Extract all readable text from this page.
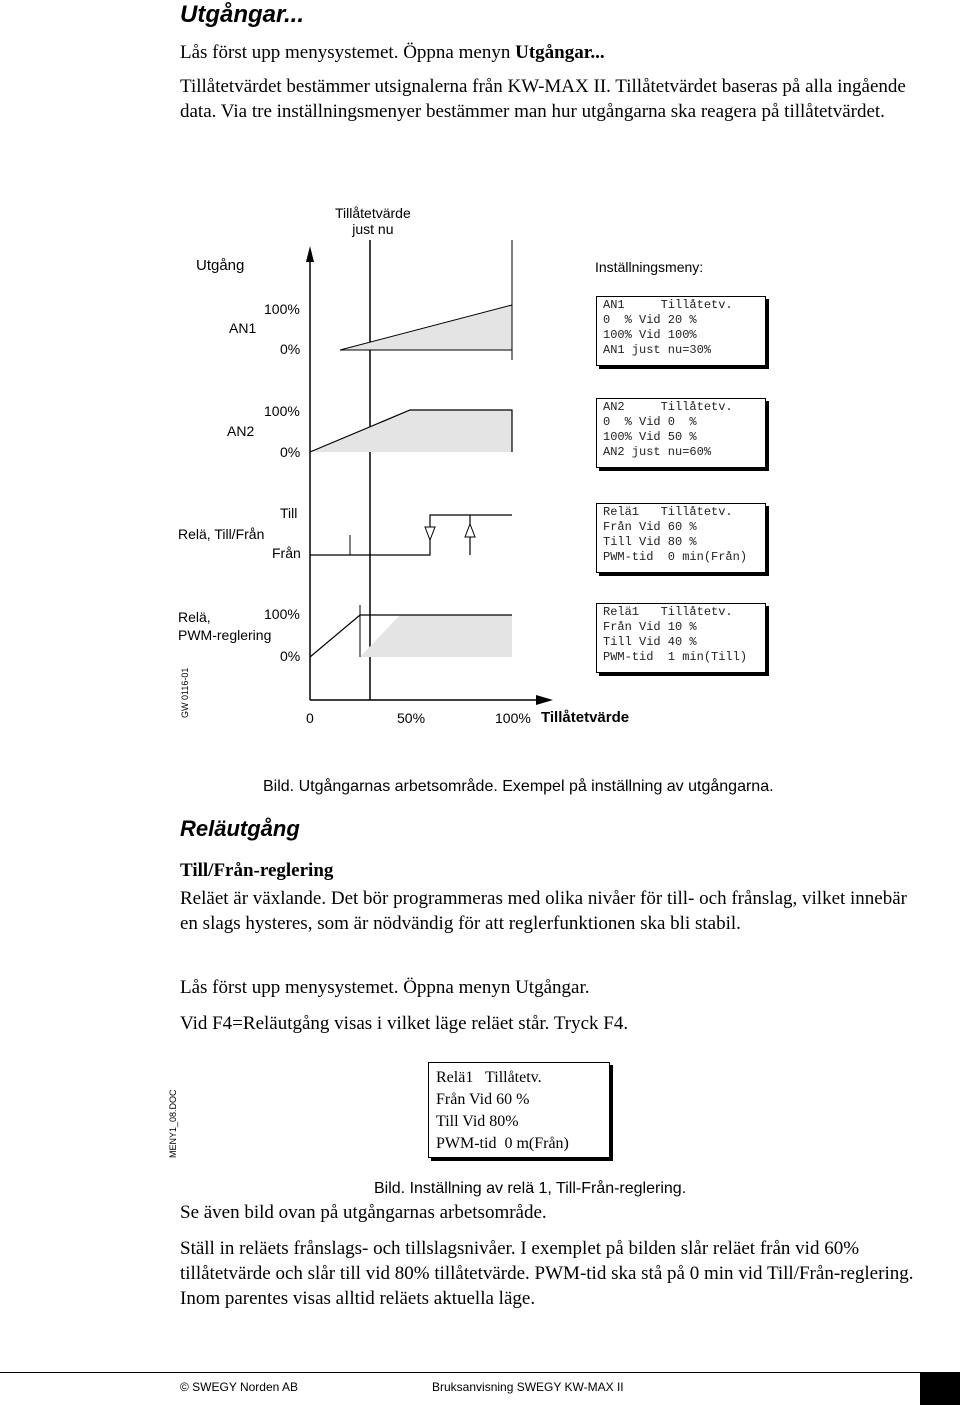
Utgångar...
Lås först upp menysystemet. Öppna menyn Utgångar...
Tillåtetvärdet bestämmer utsignalerna från KW-MAX II. Tillåtetvärdet baseras på alla ingående data. Via tre inställningsmenyer bestämmer man hur utgångarna ska reagera på tillåtetvärdet.
Tillåtetvärde
just nu
Utgång	Inställningsmeny:
AN1
100%
0%
AN1     Tillåtetv.
0  % Vid 20 %
100% Vid 100%
AN1 just nu=30%
AN2
100%
0%
AN2     Tillåtetv.
0  % Vid 0  %
100% Vid 50 %
AN2 just nu=60%
Relä, Till/Från
Till
Från
Relä1   Tillåtetv.
Från Vid 60 %
Till Vid 80 %
PWM-tid  0 min(Från)
Relä,
PWM-reglering
100%
0%
Relä1   Tillåtetv.
Från Vid 10 %
Till Vid 40 %
PWM-tid  1 min(Till)
0	50%	100% Tillåtetvärde
GW 0116-01
Bild. Utgångarnas arbetsområde. Exempel på inställning av utgångarna.
Reläutgång
Till/Från-reglering
Reläet är växlande. Det bör programmeras med olika nivåer för till- och frånslag, vilket innebär en slags hysteres, som är nödvändig för att reglerfunktionen ska bli stabil.
Lås först upp menysystemet. Öppna menyn Utgångar.
Vid F4=Reläutgång visas i vilket läge reläet står. Tryck F4.
MENY1_08.DOC
Relä1   Tillåtetv.
Från Vid 60 %
Till Vid 80%
PWM-tid  0 m(Från)
Bild. Inställning av relä 1, Till-Från-reglering.
Se även bild ovan på utgångarnas arbetsområde.
Ställ in reläets frånslags- och tillslagsnivåer. I exemplet på bilden slår reläet från vid 60% tillåtetvärde och slår till vid 80% tillåtetvärde. PWM-tid ska stå på 0 min vid Till/Från-reglering. Inom parentes visas alltid reläets aktuella läge.
© SWEGY Norden AB	Bruksanvisning SWEGY KW-MAX II
